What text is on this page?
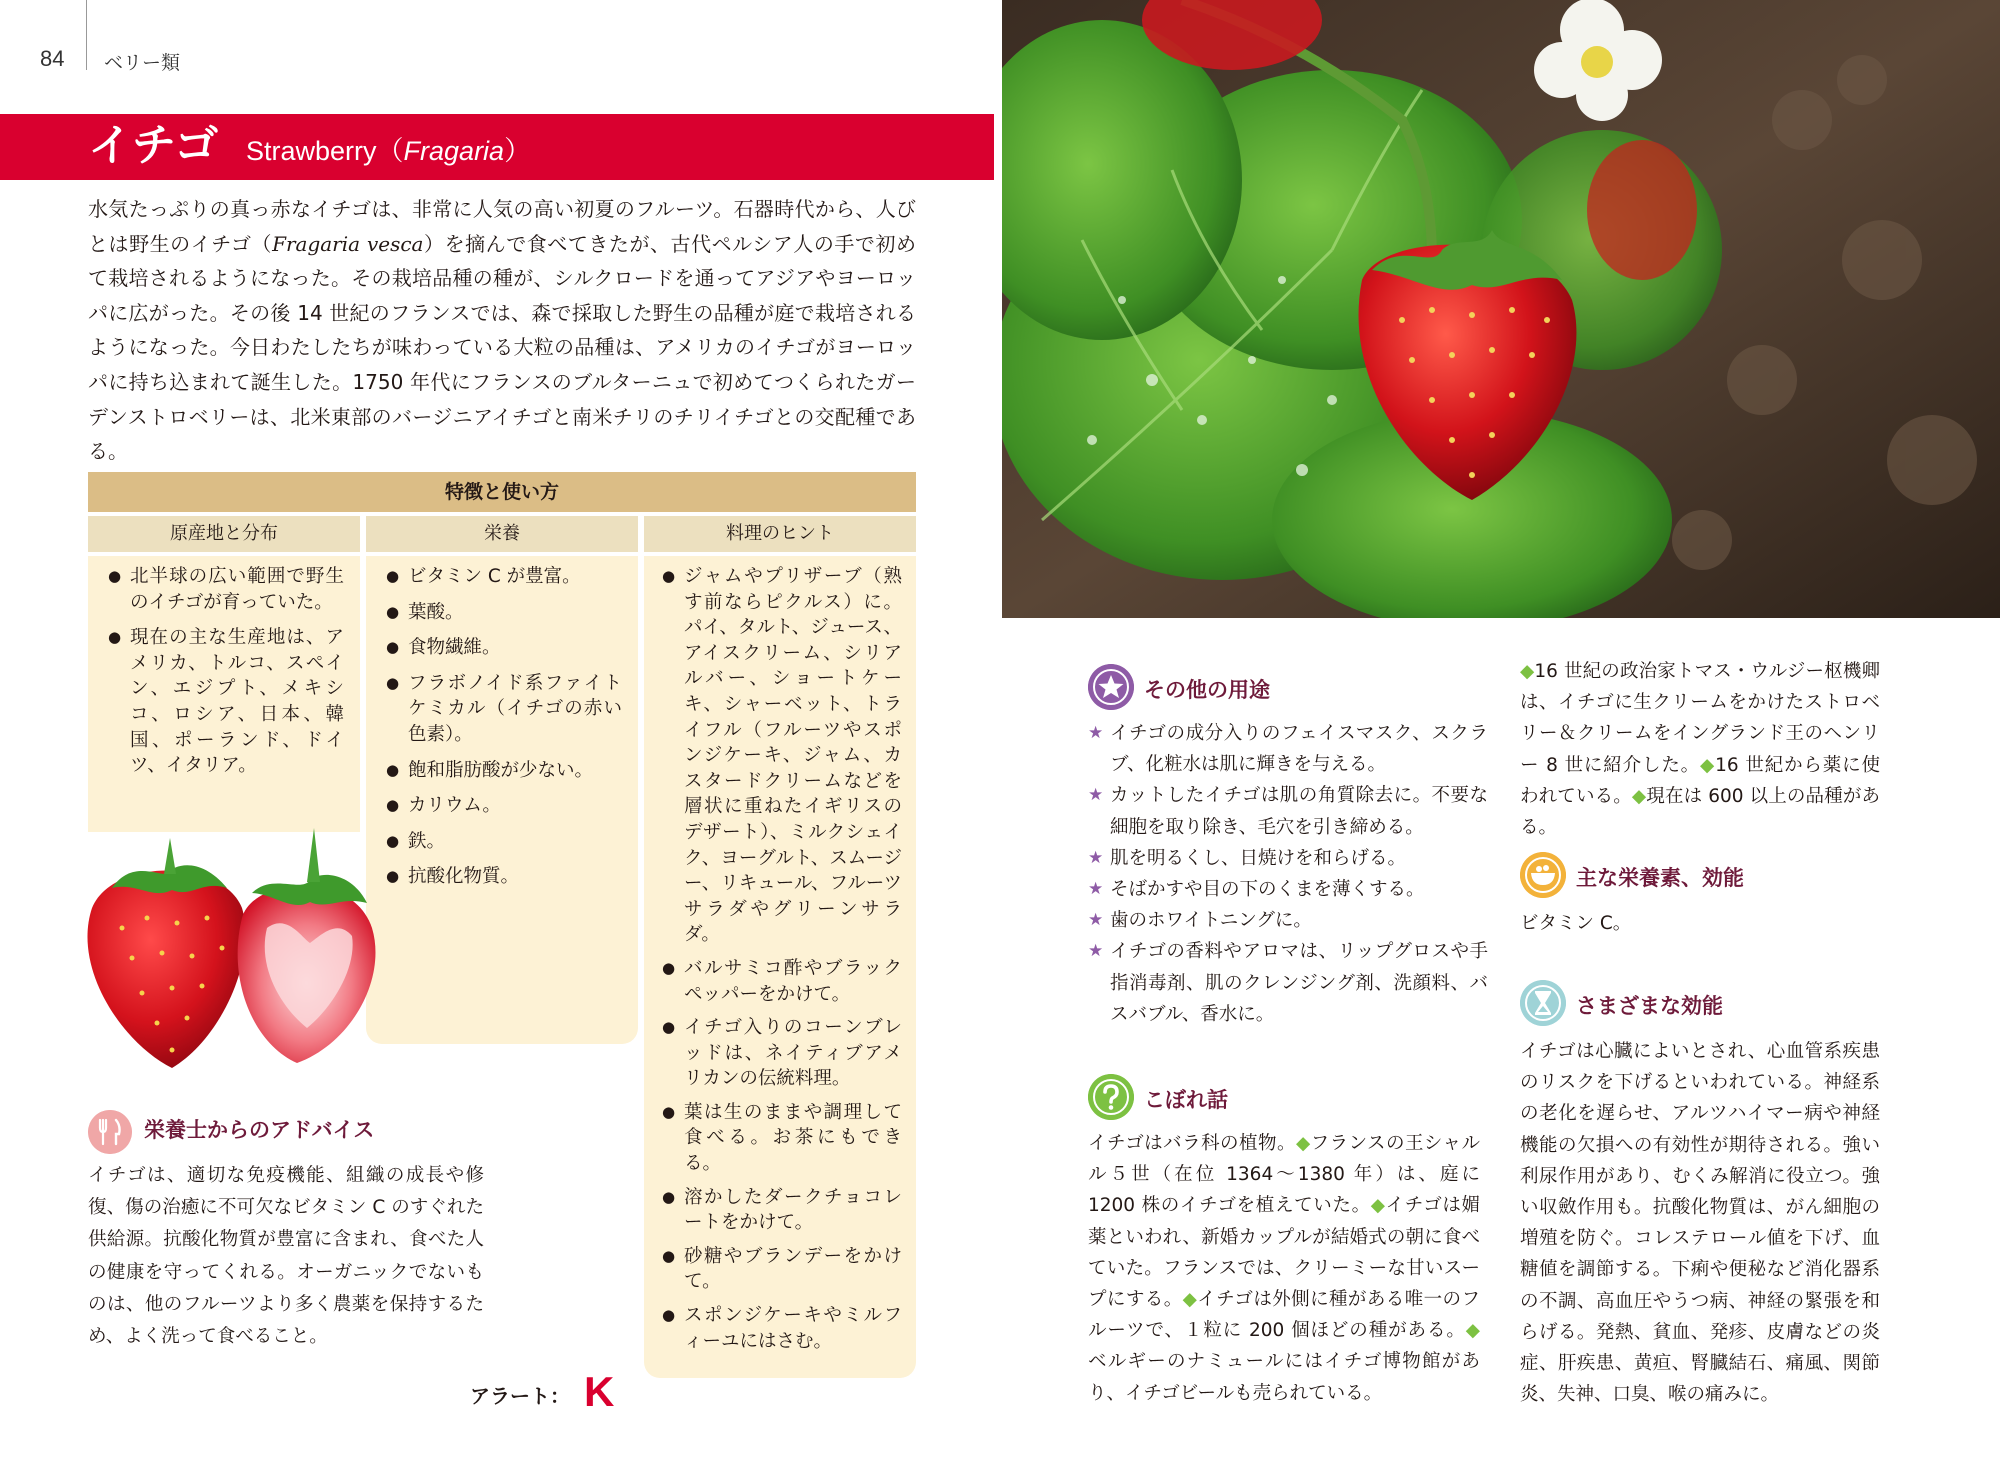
84 ベリー類
イチゴ Strawberry（Fragaria）
水気たっぷりの真っ赤なイチゴは、非常に人気の高い初夏のフルーツ。石器時代から、人びとは野生のイチゴ（Fragaria vesca）を摘んで食べてきたが、古代ペルシア人の手で初めて栽培されるようになった。その栽培品種の種が、シルクロードを通ってアジアやヨーロッパに広がった。その後 14 世紀のフランスでは、森で採取した野生の品種が庭で栽培されるようになった。今日わたしたちが味わっている大粒の品種は、アメリカのイチゴがヨーロッパに持ち込まれて誕生した。1750 年代にフランスのブルターニュで初めてつくられたガーデンストロベリーは、北米東部のバージニアイチゴと南米チリのチリイチゴとの交配種である。
特徴と使い方
原産地と分布	栄養	料理のヒント
● 北半球の広い範囲で野生のイチゴが育っていた。
● 現在の主な生産地は、アメリカ、トルコ、スペイン、エジプト、メキシコ、ロシア、日本、韓国、ポーランド、ドイツ、イタリア。
● ビタミン C が豊富。
● 葉酸。
● 食物繊維。
● フラボノイド系ファイトケミカル（イチゴの赤い色素）。
● 飽和脂肪酸が少ない。
● カリウム。
● 鉄。
● 抗酸化物質。
● ジャムやプリザーブ（熟す前ならピクルス）に。パイ、タルト、ジュース、アイスクリーム、シリアルバー、ショートケーキ、シャーベット、トライフル（フルーツやスポンジケーキ、ジャム、カスタードクリームなどを層状に重ねたイギリスのデザート）、ミルクシェイク、ヨーグルト、スムージー、リキュール、フルーツサラダやグリーンサラダ。
● バルサミコ酢やブラックペッパーをかけて。
● イチゴ入りのコーンブレッドは、ネイティブアメリカンの伝統料理。
● 葉は生のままや調理して食べる。お茶にもできる。
● 溶かしたダークチョコレートをかけて。
● 砂糖やブランデーをかけて。
● スポンジケーキやミルフィーユにはさむ。
栄養士からのアドバイス
イチゴは、適切な免疫機能、組織の成長や修復、傷の治癒に不可欠なビタミン C のすぐれた供給源。抗酸化物質が豊富に含まれ、食べた人の健康を守ってくれる。オーガニックでないものは、他のフルーツより多く農薬を保持するため、よく洗って食べること。
アラート： K
その他の用途
★ イチゴの成分入りのフェイスマスク、スクラブ、化粧水は肌に輝きを与える。
★ カットしたイチゴは肌の角質除去に。不要な細胞を取り除き、毛穴を引き締める。
★ 肌を明るくし、日焼けを和らげる。
★ そばかすや目の下のくまを薄くする。
★ 歯のホワイトニングに。
★ イチゴの香料やアロマは、リップグロスや手指消毒剤、肌のクレンジング剤、洗顔料、バスバブル、香水に。
こぼれ話
イチゴはバラ科の植物。◆フランスの王シャルル５世（在位 1364〜1380 年）は、庭に 1200 株のイチゴを植えていた。◆イチゴは媚薬といわれ、新婚カップルが結婚式の朝に食べていた。フランスでは、クリーミーな甘いスープにする。◆イチゴは外側に種がある唯一のフルーツで、１粒に 200 個ほどの種がある。◆ベルギーのナミュールにはイチゴ博物館があり、イチゴビールも売られている。
◆16 世紀の政治家トマス・ウルジー枢機卿は、イチゴに生クリームをかけたストロベリー＆クリームをイングランド王のヘンリー 8 世に紹介した。◆16 世紀から薬に使われている。◆現在は 600 以上の品種がある。
主な栄養素、効能
ビタミン C。
さまざまな効能
イチゴは心臓によいとされ、心血管系疾患のリスクを下げるといわれている。神経系の老化を遅らせ、アルツハイマー病や神経機能の欠損への有効性が期待される。強い利尿作用があり、むくみ解消に役立つ。強い収斂作用も。抗酸化物質は、がん細胞の増殖を防ぐ。コレステロール値を下げ、血糖値を調節する。下痢や便秘など消化器系の不調、高血圧やうつ病、神経の緊張を和らげる。発熱、貧血、発疹、皮膚などの炎症、肝疾患、黄疸、腎臓結石、痛風、関節炎、失神、口臭、喉の痛みに。
